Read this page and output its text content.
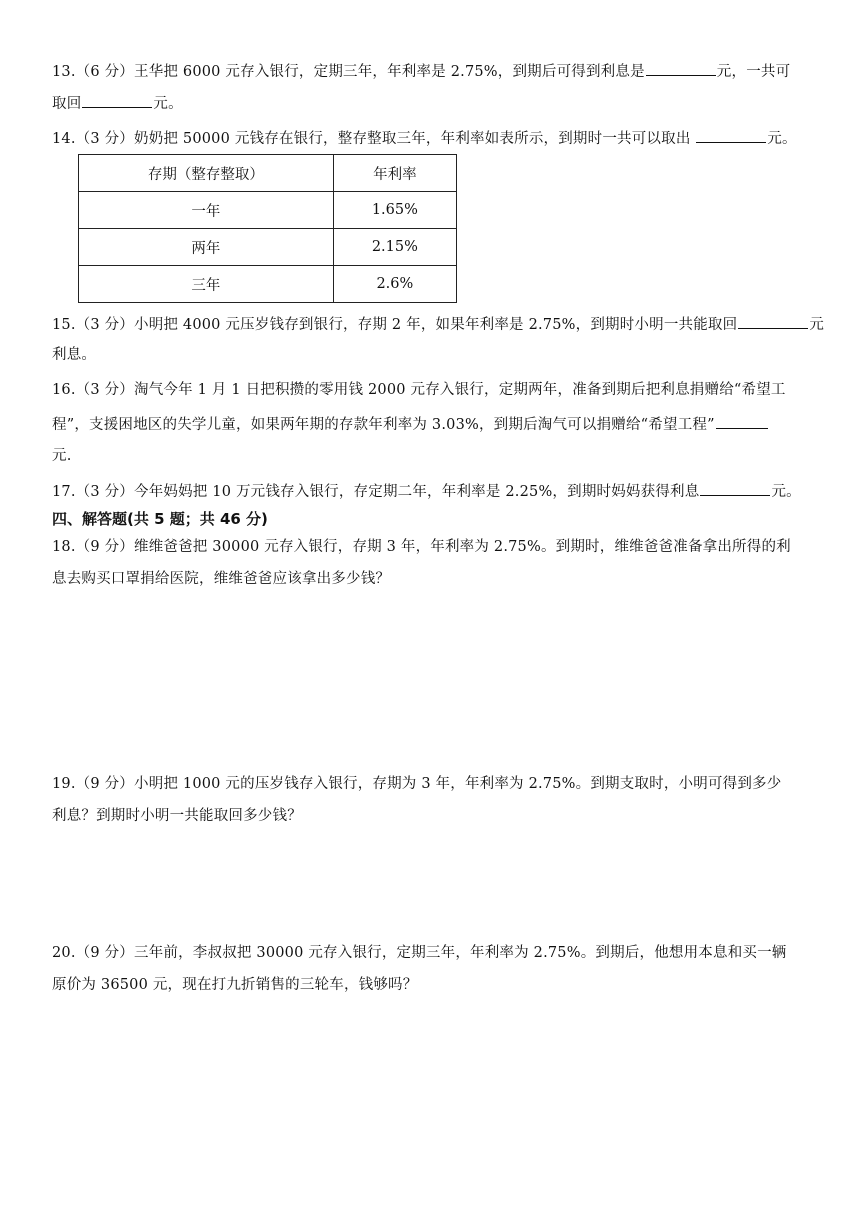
13.（6 分）王华把 6000 元存入银行，定期三年，年利率是 2.75%，到期后可得到利息是	元，一共可
取回	元。
14.（3 分）奶奶把 50000 元钱存在银行，整存整取三年，年利率如表所示，到期时一共可以取出	元。
存期（整存整取）	年利率
一年	1.65%
两年	2.15%
三年	2.6%
15.（3 分）小明把 4000 元压岁钱存到银行，存期 2 年，如果年利率是 2.75%，到期时小明一共能取回	元
利息。
16.（3 分）淘气今年 1 月 1 日把积攒的零用钱 2000 元存入银行，定期两年，准备到期后把利息捐赠给“希望工
程”，支援困地区的失学儿童，如果两年期的存款年利率为 3.03%，到期后淘气可以捐赠给“希望工程”
元.
17.（3 分）今年妈妈把 10 万元钱存入银行，存定期二年，年利率是 2.25%，到期时妈妈获得利息	元。
四、解答题(共 5 题；共 46 分)
18.（9 分）维维爸爸把 30000 元存入银行，存期 3 年，年利率为 2.75%。到期时，维维爸爸准备拿出所得的利
息去购买口罩捐给医院，维维爸爸应该拿出多少钱？
19.（9 分）小明把 1000 元的压岁钱存入银行，存期为 3 年，年利率为 2.75%。到期支取时，小明可得到多少
利息？到期时小明一共能取回多少钱？
20.（9 分）三年前，李叔叔把 30000 元存入银行，定期三年，年利率为 2.75%。到期后，他想用本息和买一辆
原价为 36500 元，现在打九折销售的三轮车，钱够吗？
